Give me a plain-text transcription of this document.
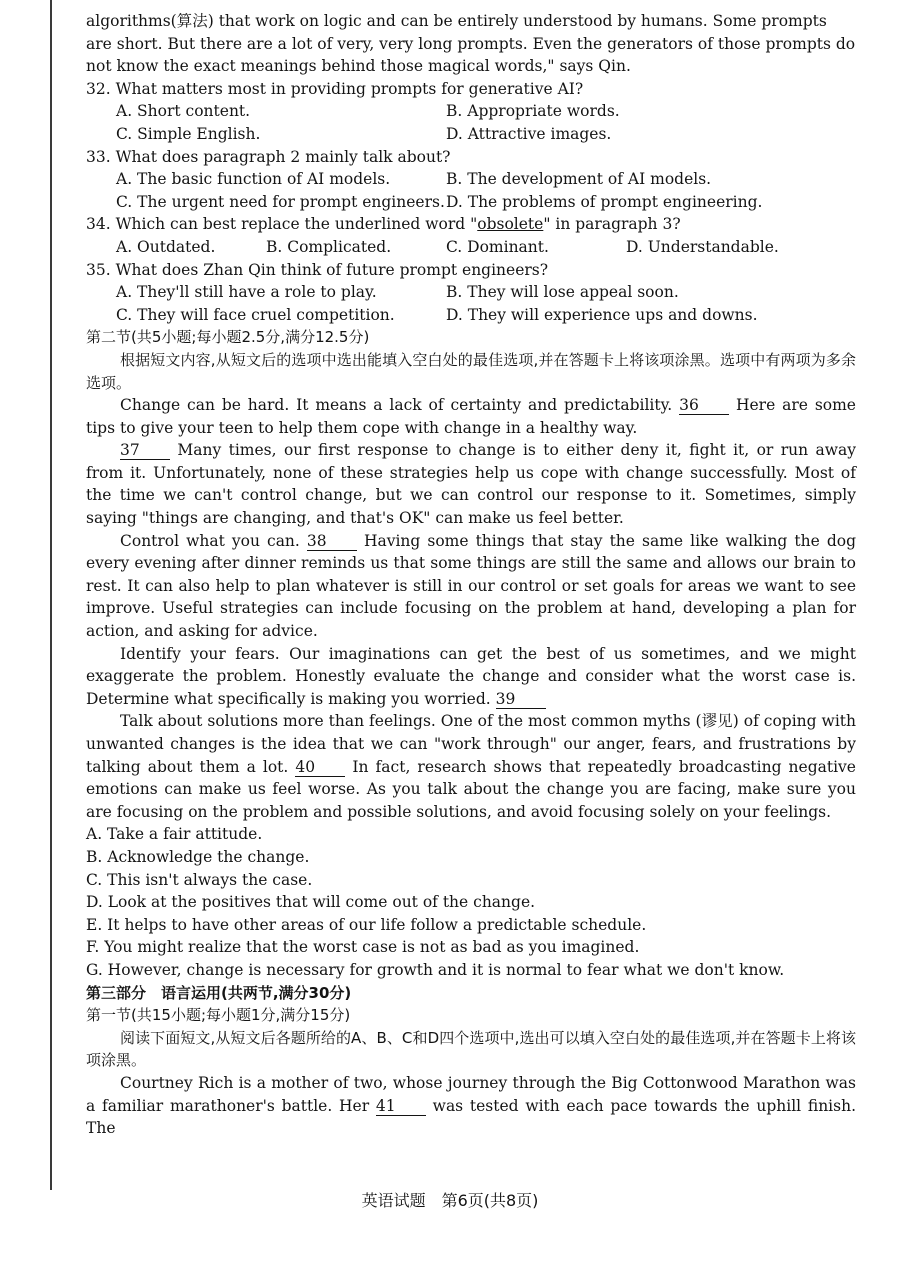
algorithms(算法) that work on logic and can be entirely understood by humans. Some prompts
are short. But there are a lot of very, very long prompts. Even the generators of those prompts do
not know the exact meanings behind those magical words," says Qin.
32. What matters most in providing prompts for generative AI?
A. Short content.	B. Appropriate words.
C. Simple English.	D. Attractive images.
33. What does paragraph 2 mainly talk about?
A. The basic function of AI models.	B. The development of AI models.
C. The urgent need for prompt engineers. D. The problems of prompt engineering.
34. Which can best replace the underlined word "obsolete" in paragraph 3?
A. Outdated.	B. Complicated.	C. Dominant.	D. Understandable.
35. What does Zhan Qin think of future prompt engineers?
A. They'll still have a role to play.	B. They will lose appeal soon.
C. They will face cruel competition.	D. They will experience ups and downs.
第二节(共5小题;每小题2.5分,满分12.5分)

根据短文内容,从短文后的选项中选出能填入空白处的最佳选项,并在答题卡上将该项涂黑。选项中有两项为多余选项。

Change can be hard. It means a lack of certainty and predictability. 36 Here are some tips to give your teen to help them cope with change in a healthy way.

37 Many times, our first response to change is to either deny it, fight it, or run away from it. Unfortunately, none of these strategies help us cope with change successfully. Most of the time we can't control change, but we can control our response to it. Sometimes, simply saying "things are changing, and that's OK" can make us feel better.

Control what you can. 38 Having some things that stay the same like walking the dog every evening after dinner reminds us that some things are still the same and allows our brain to rest. It can also help to plan whatever is still in our control or set goals for areas we want to see improve. Useful strategies can include focusing on the problem at hand, developing a plan for action, and asking for advice.

Identify your fears. Our imaginations can get the best of us sometimes, and we might exaggerate the problem. Honestly evaluate the change and consider what the worst case is. Determine what specifically is making you worried. 39

Talk about solutions more than feelings. One of the most common myths (谬见) of coping with unwanted changes is the idea that we can "work through" our anger, fears, and frustrations by talking about them a lot. 40 In fact, research shows that repeatedly broadcasting negative emotions can make us feel worse. As you talk about the change you are facing, make sure you are focusing on the problem and possible solutions, and avoid focusing solely on your feelings.

A. Take a fair attitude.
B. Acknowledge the change.
C. This isn't always the case.
D. Look at the positives that will come out of the change.
E. It helps to have other areas of our life follow a predictable schedule.
F. You might realize that the worst case is not as bad as you imagined.
G. However, change is necessary for growth and it is normal to fear what we don't know.
第三部分　语言运用(共两节,满分30分)
第一节(共15小题;每小题1分,满分15分)

阅读下面短文,从短文后各题所给的A、B、C和D四个选项中,选出可以填入空白处的最佳选项,并在答题卡上将该项涂黑。

Courtney Rich is a mother of two, whose journey through the Big Cottonwood Marathon was a familiar marathoner's battle. Her 41 was tested with each pace towards the uphill finish. The

英语试题　第6页(共8页)
